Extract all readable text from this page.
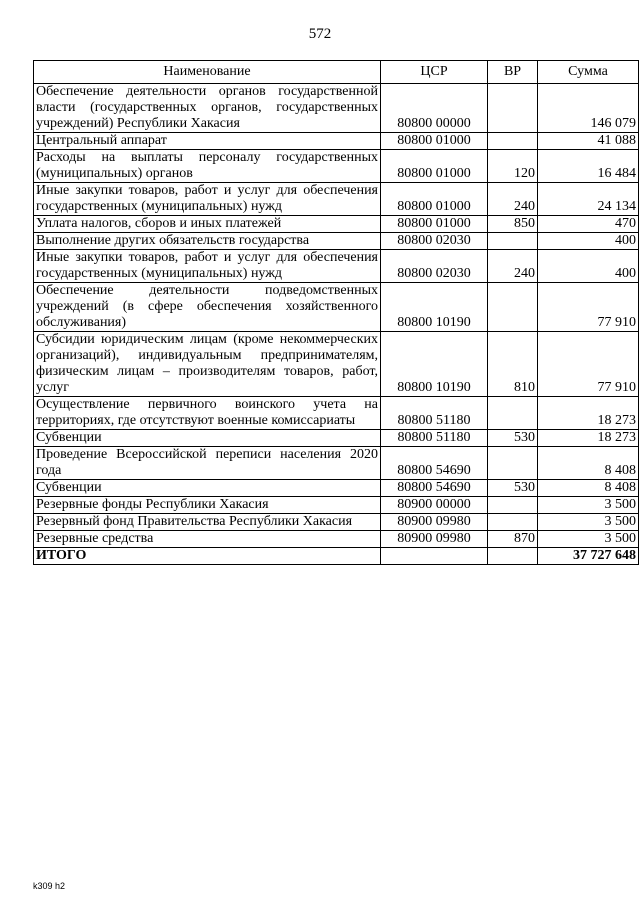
572
Наименование	ЦСР	ВР	Сумма
Обеспечение деятельности органов государственной власти (государственных органов, государственных учреждений) Республики Хакасия	80800 00000		146 079
Центральный аппарат	80800 01000		41 088
Расходы на выплаты персоналу государственных (муниципальных) органов	80800 01000	120	16 484
Иные закупки товаров, работ и услуг для обеспечения государственных (муниципальных) нужд	80800 01000	240	24 134
Уплата налогов, сборов и иных платежей	80800 01000	850	470
Выполнение других обязательств государства	80800 02030		400
Иные закупки товаров, работ и услуг для обеспечения государственных (муниципальных) нужд	80800 02030	240	400
Обеспечение деятельности подведомственных учреждений (в сфере обеспечения хозяйственного обслуживания)	80800 10190		77 910
Субсидии юридическим лицам (кроме некоммерческих организаций), индивидуальным предпринимателям, физическим лицам – производителям товаров, работ, услуг	80800 10190	810	77 910
Осуществление первичного воинского учета на территориях, где отсутствуют военные комиссариаты	80800 51180		18 273
Субвенции	80800 51180	530	18 273
Проведение Всероссийской переписи населения 2020 года	80800 54690		8 408
Субвенции	80800 54690	530	8 408
Резервные фонды Республики Хакасия	80900 00000		3 500
Резервный фонд Правительства Республики Хакасия	80900 09980		3 500
Резервные средства	80900 09980	870	3 500
ИТОГО			37 727 648
k309 h2
